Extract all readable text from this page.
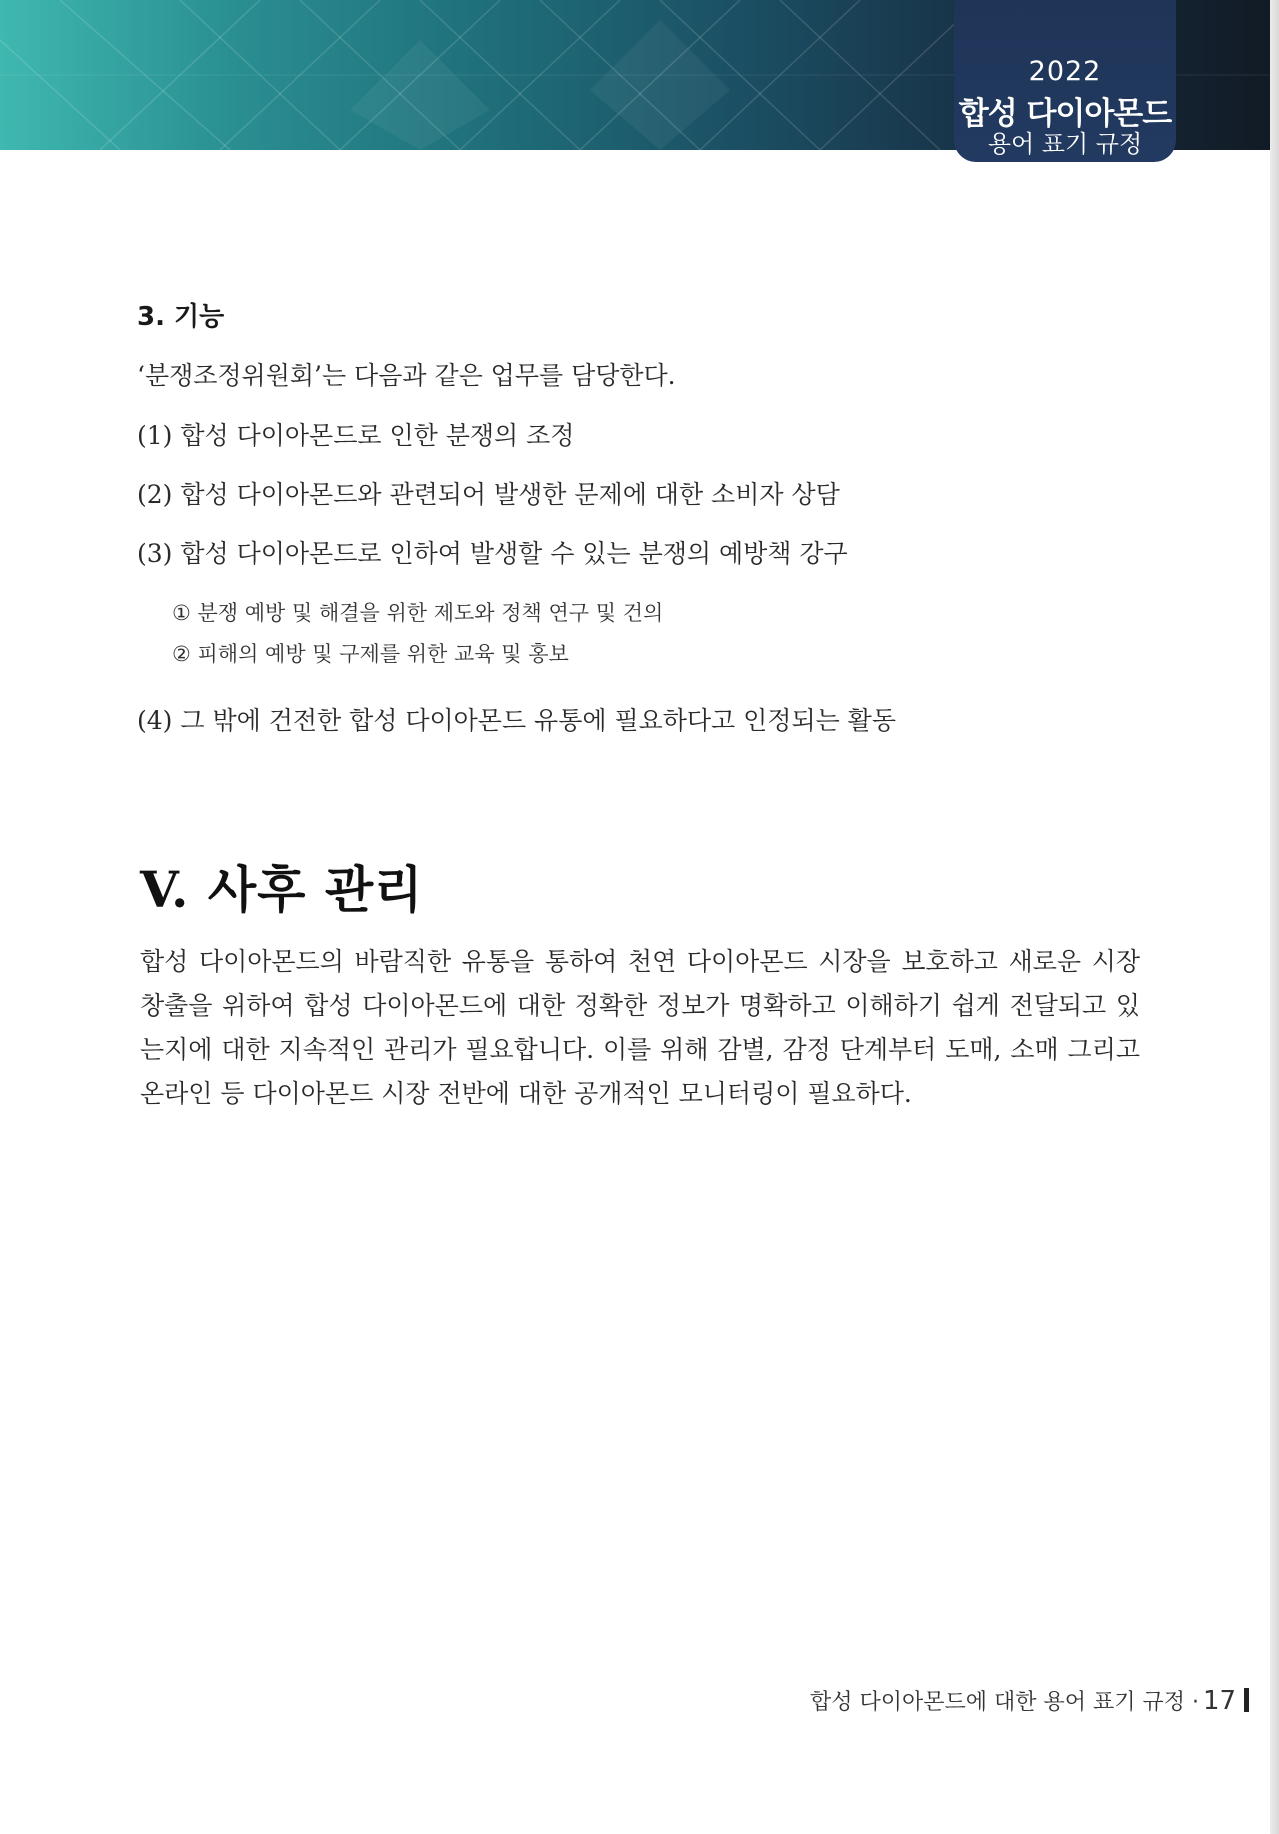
2022
합성 다이아몬드
용어 표기 규정
3. 기능
‘분쟁조정위원회’는 다음과 같은 업무를 담당한다.
(1) 합성 다이아몬드로 인한 분쟁의 조정
(2) 합성 다이아몬드와 관련되어 발생한 문제에 대한 소비자 상담
(3) 합성 다이아몬드로 인하여 발생할 수 있는 분쟁의 예방책 강구
① 분쟁 예방 및 해결을 위한 제도와 정책 연구 및 건의
② 피해의 예방 및 구제를 위한 교육 및 홍보
(4) 그 밖에 건전한 합성 다이아몬드 유통에 필요하다고 인정되는 활동
V. 사후 관리
합성 다이아몬드의 바람직한 유통을 통하여 천연 다이아몬드 시장을 보호하고 새로운 시장 창출을 위하여 합성 다이아몬드에 대한 정확한 정보가 명확하고 이해하기 쉽게 전달되고 있는지에 대한 지속적인 관리가 필요합니다. 이를 위해 감별, 감정 단계부터 도매, 소매 그리고 온라인 등 다이아몬드 시장 전반에 대한 공개적인 모니터링이 필요하다.
합성 다이아몬드에 대한 용어 표기 규정 · 17
